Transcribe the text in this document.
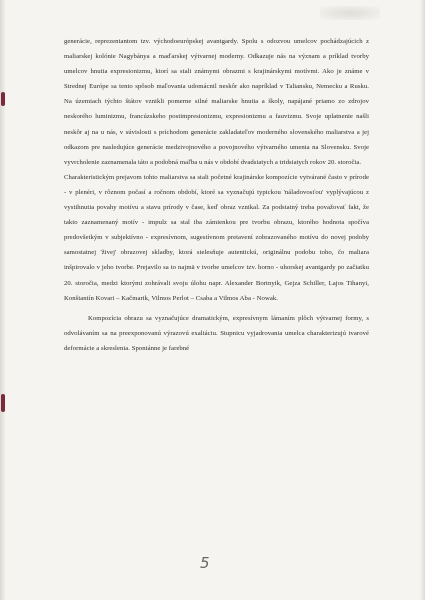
generácie, reprezentantom tzv. východoeurópskej avantgardy. Spolu s odozvou umelcov pochádzajúcich z maliarskej kolónie Nagybánya a maďarskej výtvarnej moderny. Odkazuje nás na význam a príklad tvorby umelcov hnutia expresionizmu, ktorí sa stali známymi obrazmi s krajinárskymi motívmi. Ako je známe v Strednej Európe sa tento spôsob maľovania udomácnil neskôr ako napríklad v Taliansku, Nemecku a Rusku. Na územiach týchto štátov vznikli pomerne silné maliarske hnutia a školy, napájané priamo zo zdrojov neskorého luminizmu, francúzskeho postimpresionizmu, expresionizmu a fauvizmu. Svoje uplatnenie našli neskôr aj na u nás, v súvislosti s príchodom generácie zakladateľov moderného slovenského maliarstva a jej odkazom pre nasledujúce generácie medzivojnového a povojnového výtvarného umenia na Slovensku. Svoje vyvrcholenie zaznamenala táto a podobná maľba u nás v období dvadsiatych a tridsiatych rokov 20. storočia.

Charakteristickým prejavom tohto maliarstva sa stali početné krajinárske kompozície vytvárané často v prírode - v plenéri, v rôznom počasí a ročnom období, ktoré sa vyznačujú typickou 'náladovosťou' vyplývajúcou z vystihnutia povahy motívu a stavu prírody v čase, keď obraz vznikal. Za podstatný treba považovať fakt, že takto zaznamenaný motív - impulz sa stal iba zámienkou pre tvorbu obrazu, ktorého hodnota spočíva predovšetkým v subjektívno - expresívnom, sugestívnom pretavení zobrazovaného motívu do novej podoby samostatnej 'živej' obrazovej skladby, ktorá stelesňuje autentickú, originálnu podobu toho, čo maliara inšpirovalo v jeho tvorbe. Prejavilo sa to najmä v tvorbe umelcov tzv. horno - uhorskej avantgardy po začiatku 20. storočia, medzi ktorými zohrávali svoju úlohu napr. Alexander Bortnyik, Gejza Schiller, Lajos Tihanyi, Konštantín Kovari – Kačmarik, Vilmos Perlot – Csaba a Vilmos Aba - Nowak.

Kompozícia obrazu sa vyznačujúce dramatickým, expresívnym lámaním plôch výtvarnej formy, s odvolávaním sa na preexponovanú výrazovú exaltáciu. Stupnicu vyjadrovania umelca charakterizujú tvarové deformácie a skreslenia. Spontánne je farebné

5
